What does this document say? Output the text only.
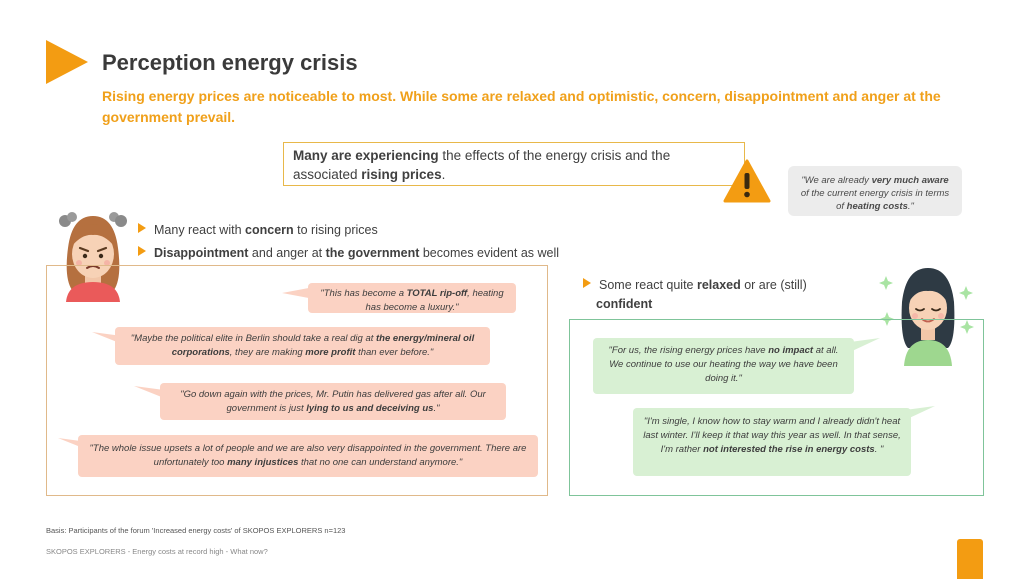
Perception energy crisis
Rising energy prices are noticeable to most. While some are relaxed and optimistic, concern, disappointment and anger at the government prevail.
Many are experiencing the effects of the energy crisis and the associated rising prices.	"We are already very much aware of the current energy crisis in terms of heating costs."
Many react with concern to rising prices
Disappointment and anger at the government becomes evident as well
"This has become a TOTAL rip-off, heating has become a luxury."
"Maybe the political elite in Berlin should take a real dig at the energy/mineral oil corporations, they are making more profit than ever before."
"Go down again with the prices, Mr. Putin has delivered gas after all. Our government is just lying to us and deceiving us."
"The whole issue upsets a lot of people and we are also very disappointed in the government. There are unfortunately too many injustices that no one can understand anymore."
Some react quite relaxed or are (still)
confident
"For us, the rising energy prices have no impact at all. We continue to use our heating the way we have been doing it."
"I'm single, I know how to stay warm and I already didn't heat last winter. I'll keep it that way this year as well. In that sense, I'm rather not interested the rise in energy costs. "
Basis: Participants of the forum 'Increased energy costs' of SKOPOS EXPLORERS n=123
SKOPOS EXPLORERS - Energy costs at record high - What now?
